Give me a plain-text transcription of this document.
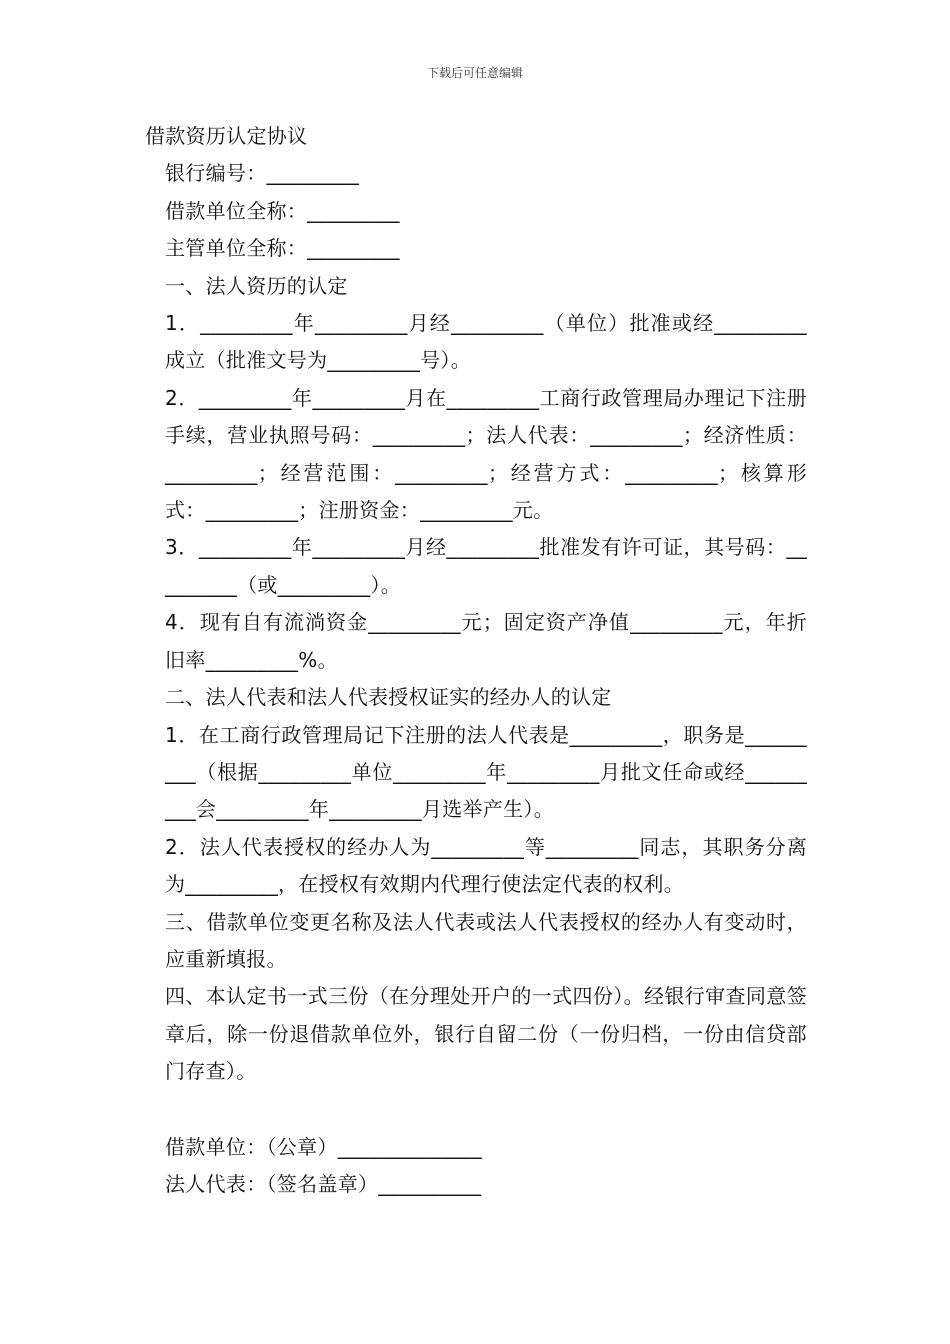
下载后可任意编辑

借款资历认定协议

银行编号：_________

借款单位全称：_________

主管单位全称：_________

一、法人资历的认定

1．_________年_________月经_________（单位）批准或经_________成立（批准文号为_________号）。

2．_________年_________月在_________工商行政管理局办理记下注册手续，营业执照号码：_________；法人代表：_________；经济性质：_________；经营范围：_________；经营方式：_________；核算形式：_________；注册资金：_________元。

3．_________年_________月经_________批准发有许可证，其号码：_________（或_________）。

4．现有自有流淌资金_________元；固定资产净值_________元，年折旧率_________%。

二、法人代表和法人代表授权证实的经办人的认定

1．在工商行政管理局记下注册的法人代表是_________，职务是_________（根据_________单位_________年_________月批文任命或经_________会_________年_________月选举产生）。

2．法人代表授权的经办人为_________等_________同志，其职务分离为_________，在授权有效期内代理行使法定代表的权利。

三、借款单位变更名称及法人代表或法人代表授权的经办人有变动时，应重新填报。

四、本认定书一式三份（在分理处开户的一式四份）。经银行审查同意签章后，除一份退借款单位外，银行自留二份（一份归档，一份由信贷部门存查）。

借款单位：（公章）______________

法人代表：（签名盖章）__________
